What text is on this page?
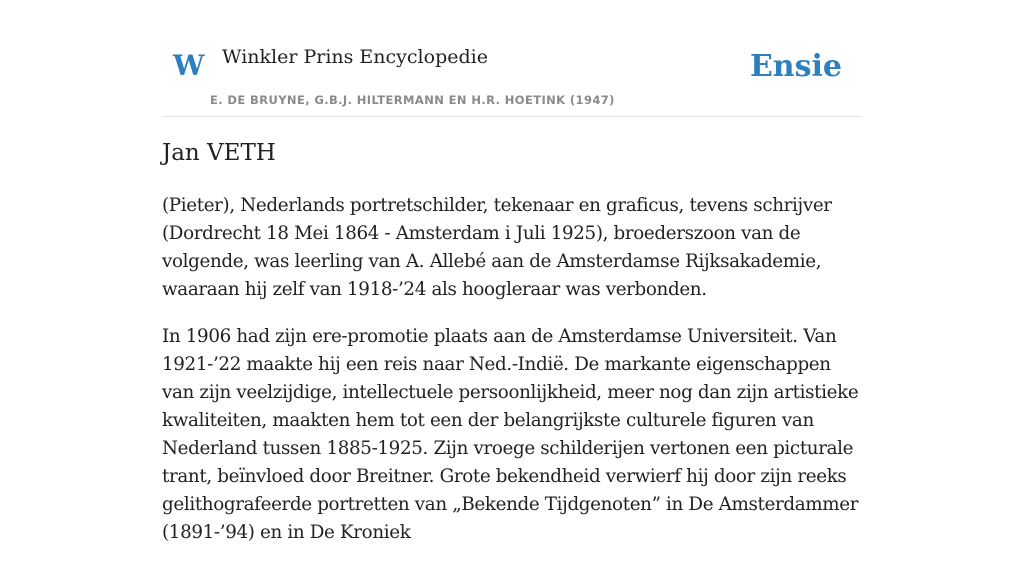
W Winkler Prins Encyclopedie
E. DE BRUYNE, G.B.J. HILTERMANN EN H.R. HOETINK (1947)
Ensie
Jan VETH

(Pieter), Nederlands portretschilder, tekenaar en graficus, tevens schrijver (Dordrecht 18 Mei 1864 - Amsterdam i Juli 1925), broederszoon van de volgende, was leerling van A. Allebé aan de Amsterdamse Rijksakademie, waaraan hij zelf van 1918-’24 als hoogleraar was verbonden.

In 1906 had zijn ere-promotie plaats aan de Amsterdamse Universiteit. Van 1921-’22 maakte hij een reis naar Ned.-Indië. De markante eigenschappen van zijn veelzijdige, intellectuele persoonlijkheid, meer nog dan zijn artistieke kwaliteiten, maakten hem tot een der belangrijkste culturele figuren van Nederland tussen 1885-1925. Zijn vroege schilderijen vertonen een picturale trant, beïnvloed door Breitner. Grote bekendheid verwierf hij door zijn reeks gelithografeerde portretten van „Bekende Tijdgenoten” in De Amsterdammer (1891-’94) en in De Kroniek
